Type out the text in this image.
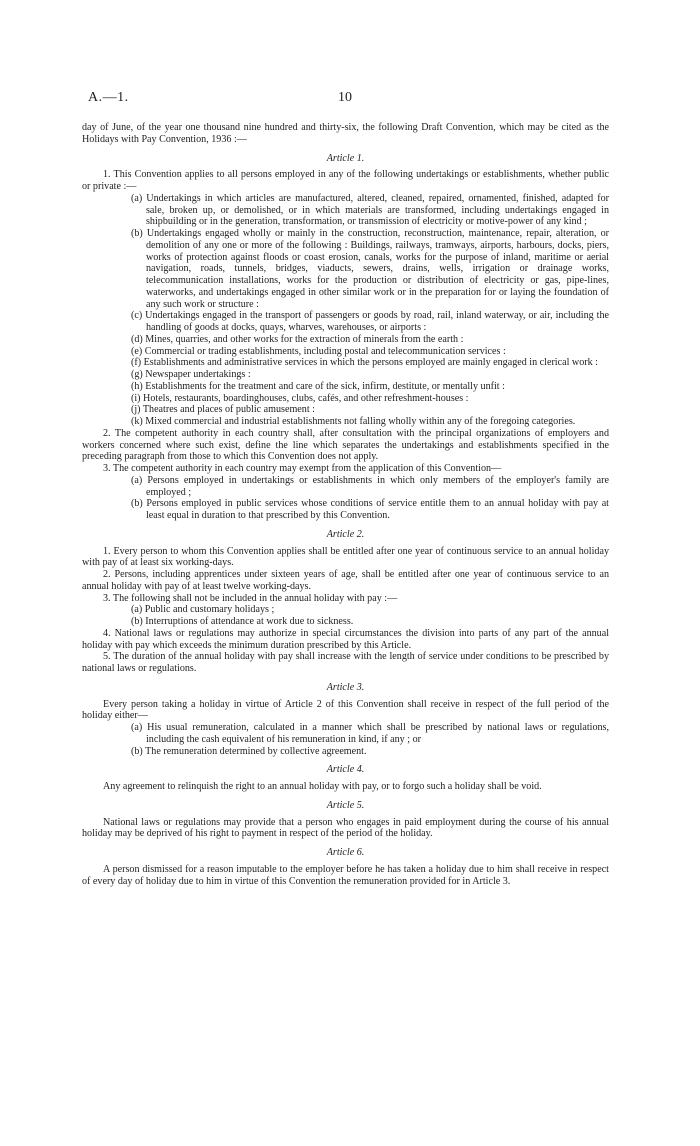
A.—1.	10

day of June, of the year one thousand nine hundred and thirty-six, the following Draft Convention, which may be cited as the Holidays with Pay Convention, 1936 :—

Article 1.

1. This Convention applies to all persons employed in any of the following undertakings or establishments, whether public or private :—

(a) Undertakings in which articles are manufactured, altered, cleaned, repaired, ornamented, finished, adapted for sale, broken up, or demolished, or in which materials are transformed, including undertakings engaged in shipbuilding or in the generation, transformation, or transmission of electricity or motive-power of any kind ;

(b) Undertakings engaged wholly or mainly in the construction, reconstruction, maintenance, repair, alteration, or demolition of any one or more of the following : Buildings, railways, tramways, airports, harbours, docks, piers, works of protection against floods or coast erosion, canals, works for the purpose of inland, maritime or aerial navigation, roads, tunnels, bridges, viaducts, sewers, drains, wells, irrigation or drainage works, telecommunication installations, works for the production or distribution of electricity or gas, pipe-lines, waterworks, and undertakings engaged in other similar work or in the preparation for or laying the foundation of any such work or structure :

(c) Undertakings engaged in the transport of passengers or goods by road, rail, inland waterway, or air, including the handling of goods at docks, quays, wharves, warehouses, or airports :

(d) Mines, quarries, and other works for the extraction of minerals from the earth :

(e) Commercial or trading establishments, including postal and telecommunication services :

(f) Establishments and administrative services in which the persons employed are mainly engaged in clerical work :

(g) Newspaper undertakings :

(h) Establishments for the treatment and care of the sick, infirm, destitute, or mentally unfit :

(i) Hotels, restaurants, boardinghouses, clubs, cafés, and other refreshment-houses :

(j) Theatres and places of public amusement :

(k) Mixed commercial and industrial establishments not falling wholly within any of the foregoing categories.

2. The competent authority in each country shall, after consultation with the principal organizations of employers and workers concerned where such exist, define the line which separates the undertakings and establishments specified in the preceding paragraph from those to which this Convention does not apply.

3. The competent authority in each country may exempt from the application of this Convention—

(a) Persons employed in undertakings or establishments in which only members of the employer's family are employed ;

(b) Persons employed in public services whose conditions of service entitle them to an annual holiday with pay at least equal in duration to that prescribed by this Convention.

Article 2.

1. Every person to whom this Convention applies shall be entitled after one year of continuous service to an annual holiday with pay of at least six working-days.

2. Persons, including apprentices under sixteen years of age, shall be entitled after one year of continuous service to an annual holiday with pay of at least twelve working-days.

3. The following shall not be included in the annual holiday with pay :—

(a) Public and customary holidays ;

(b) Interruptions of attendance at work due to sickness.

4. National laws or regulations may authorize in special circumstances the division into parts of any part of the annual holiday with pay which exceeds the minimum duration prescribed by this Article.

5. The duration of the annual holiday with pay shall increase with the length of service under conditions to be prescribed by national laws or regulations.

Article 3.

Every person taking a holiday in virtue of Article 2 of this Convention shall receive in respect of the full period of the holiday either—

(a) His usual remuneration, calculated in a manner which shall be prescribed by national laws or regulations, including the cash equivalent of his remuneration in kind, if any ; or

(b) The remuneration determined by collective agreement.

Article 4.

Any agreement to relinquish the right to an annual holiday with pay, or to forgo such a holiday shall be void.

Article 5.

National laws or regulations may provide that a person who engages in paid employment during the course of his annual holiday may be deprived of his right to payment in respect of the period of the holiday.

Article 6.

A person dismissed for a reason imputable to the employer before he has taken a holiday due to him shall receive in respect of every day of holiday due to him in virtue of this Convention the remuneration provided for in Article 3.
